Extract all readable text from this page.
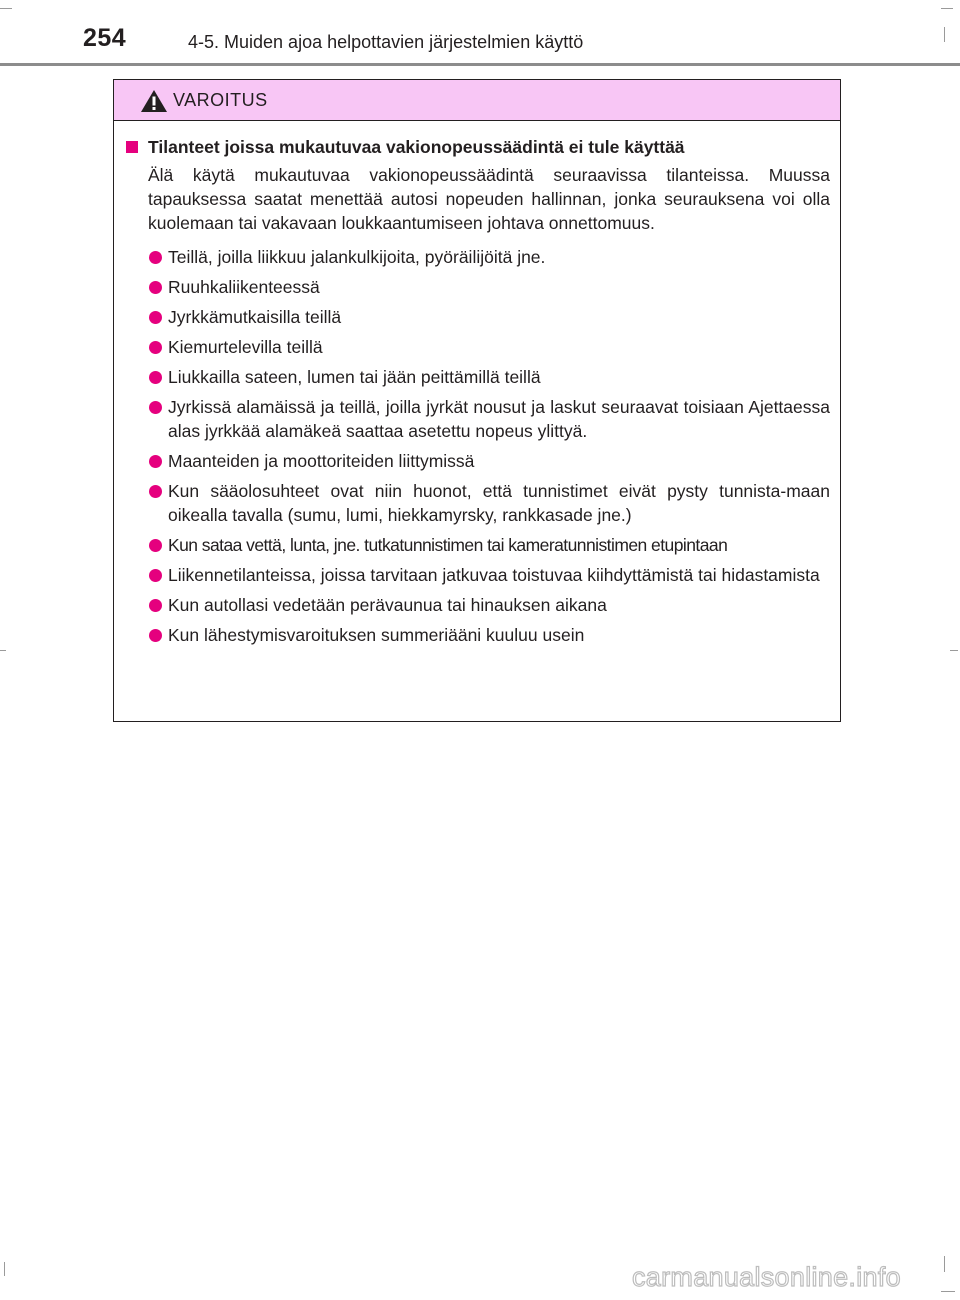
254	4-5. Muiden ajoa helpottavien järjestelmien käyttö
VAROITUS
Tilanteet joissa mukautuvaa vakionopeussäädintä ei tule käyttää

Älä käytä mukautuvaa vakionopeussäädintä seuraavissa tilanteissa. Muussa tapauksessa saatat menettää autosi nopeuden hallinnan, jonka seurauksena voi olla kuolemaan tai vakavaan loukkaantumiseen johtava onnettomuus.

Teillä, joilla liikkuu jalankulkijoita, pyöräilijöitä jne.
Ruuhkaliikenteessä
Jyrkkämutkaisilla teillä
Kiemurtelevilla teillä
Liukkailla sateen, lumen tai jään peittämillä teillä
Jyrkissä alamäissä ja teillä, joilla jyrkät nousut ja laskut seuraavat toisiaan Ajettaessa alas jyrkkää alamäkeä saattaa asetettu nopeus ylittyä.
Maanteiden ja moottoriteiden liittymissä
Kun sääolosuhteet ovat niin huonot, että tunnistimet eivät pysty tunnista-maan oikealla tavalla (sumu, lumi, hiekkamyrsky, rankkasade jne.)
Kun sataa vettä, lunta, jne. tutkatunnistimen tai kameratunnistimen etupintaan
Liikennetilanteissa, joissa tarvitaan jatkuvaa toistuvaa kiihdyttämistä tai hidastamista
Kun autollasi vedetään perävaunua tai hinauksen aikana
Kun lähestymisvaroituksen summeriääni kuuluu usein
carmanualsonline.info
